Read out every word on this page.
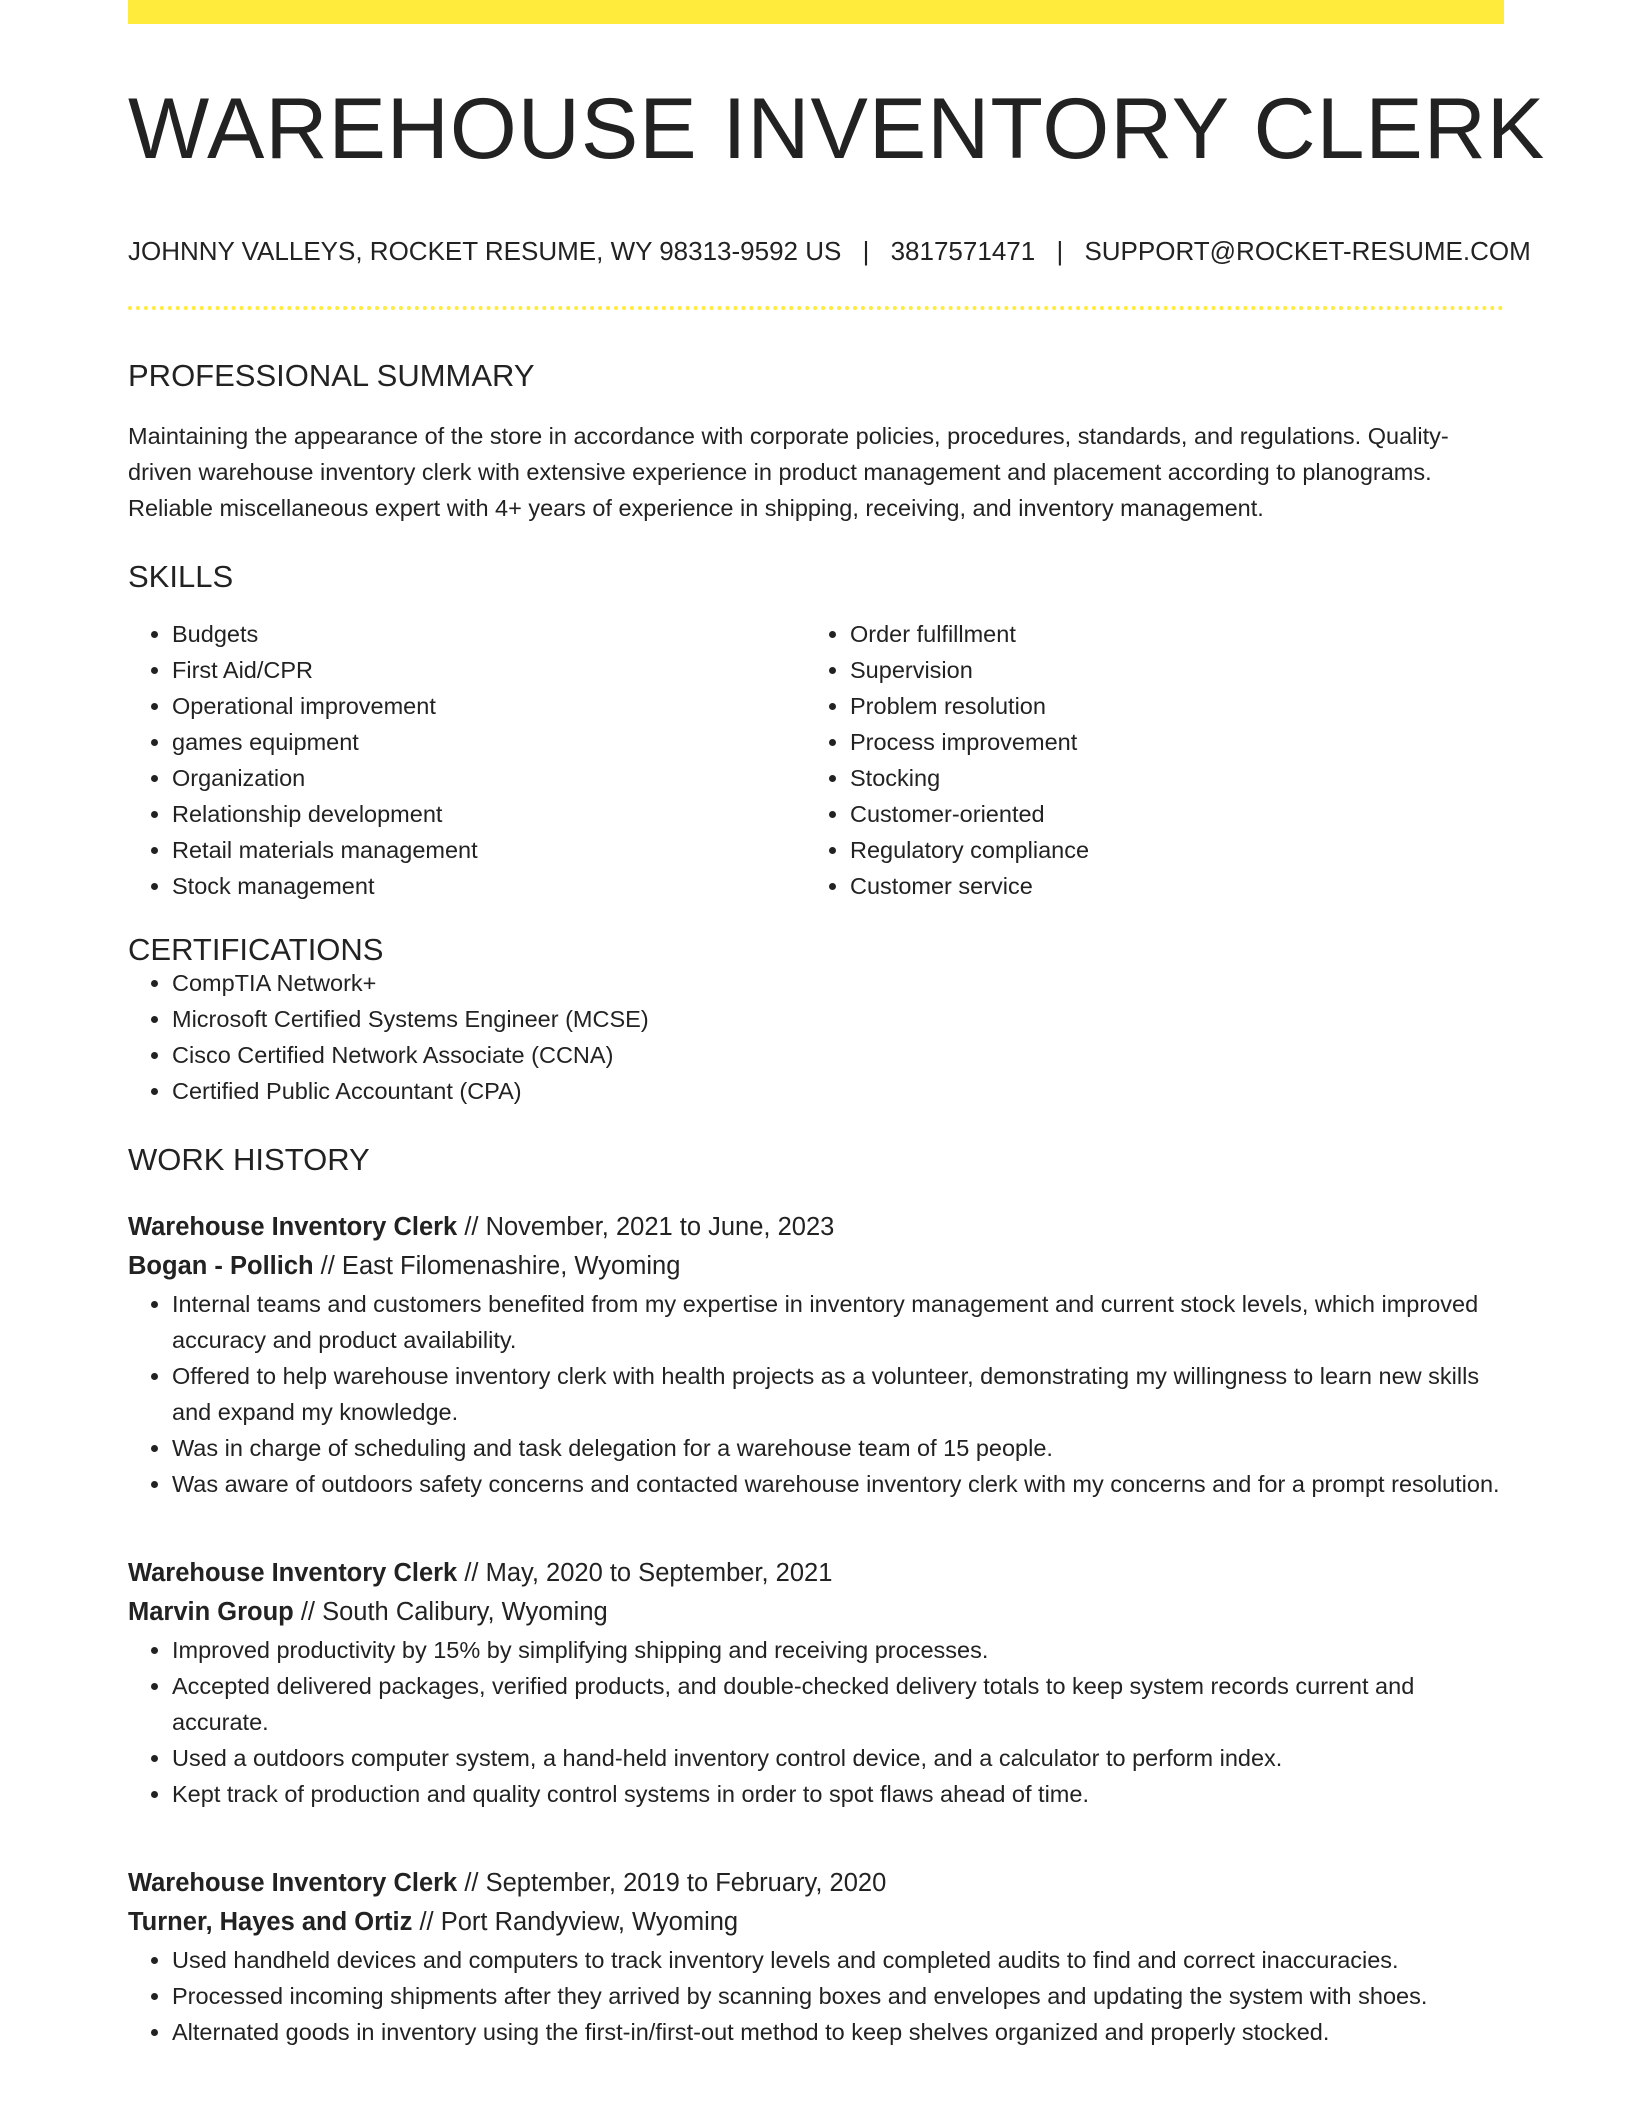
WAREHOUSE INVENTORY CLERK
JOHNNY VALLEYS, ROCKET RESUME, WY 98313-9592 US | 3817571471 | SUPPORT@ROCKET-RESUME.COM
PROFESSIONAL SUMMARY

Maintaining the appearance of the store in accordance with corporate policies, procedures, standards, and regulations. Quality-driven warehouse inventory clerk with extensive experience in product management and placement according to planograms. Reliable miscellaneous expert with 4+ years of experience in shipping, receiving, and inventory management.

SKILLS
• Budgets
• First Aid/CPR
• Operational improvement
• games equipment
• Organization
• Relationship development
• Retail materials management
• Stock management
• Order fulfillment
• Supervision
• Problem resolution
• Process improvement
• Stocking
• Customer-oriented
• Regulatory compliance
• Customer service
CERTIFICATIONS
• CompTIA Network+
• Microsoft Certified Systems Engineer (MCSE)
• Cisco Certified Network Associate (CCNA)
• Certified Public Accountant (CPA)
WORK HISTORY
Warehouse Inventory Clerk // November, 2021 to June, 2023
Bogan - Pollich // East Filomenashire, Wyoming
• Internal teams and customers benefited from my expertise in inventory management and current stock levels, which improved accuracy and product availability.
• Offered to help warehouse inventory clerk with health projects as a volunteer, demonstrating my willingness to learn new skills and expand my knowledge.
• Was in charge of scheduling and task delegation for a warehouse team of 15 people.
• Was aware of outdoors safety concerns and contacted warehouse inventory clerk with my concerns and for a prompt resolution.
Warehouse Inventory Clerk // May, 2020 to September, 2021
Marvin Group // South Calibury, Wyoming
• Improved productivity by 15% by simplifying shipping and receiving processes.
• Accepted delivered packages, verified products, and double-checked delivery totals to keep system records current and accurate.
• Used a outdoors computer system, a hand-held inventory control device, and a calculator to perform index.
• Kept track of production and quality control systems in order to spot flaws ahead of time.
Warehouse Inventory Clerk // September, 2019 to February, 2020
Turner, Hayes and Ortiz // Port Randyview, Wyoming
• Used handheld devices and computers to track inventory levels and completed audits to find and correct inaccuracies.
• Processed incoming shipments after they arrived by scanning boxes and envelopes and updating the system with shoes.
• Alternated goods in inventory using the first-in/first-out method to keep shelves organized and properly stocked.
